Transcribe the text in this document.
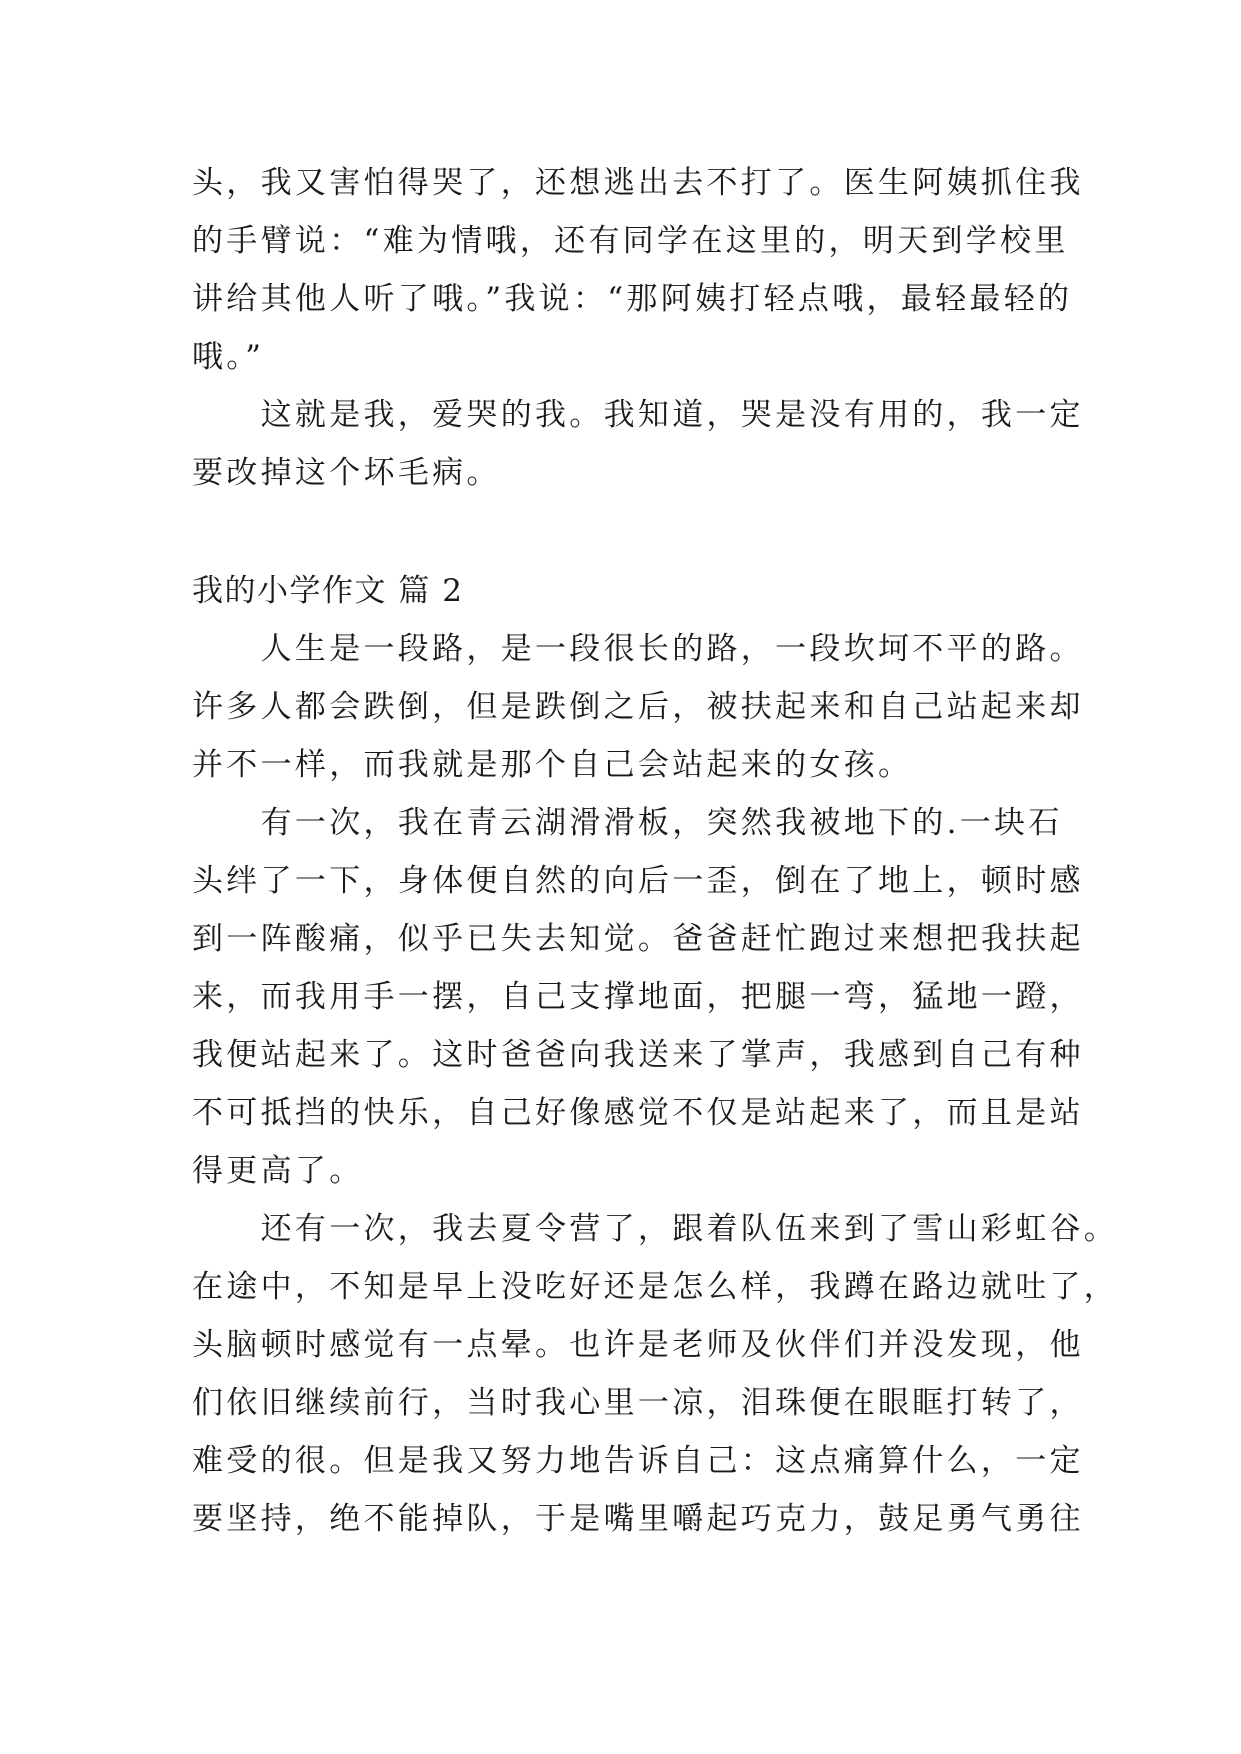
头，我又害怕得哭了，还想逃出去不打了。医生阿姨抓住我
的手臂说：“难为情哦，还有同学在这里的，明天到学校里
讲给其他人听了哦。”我说：“那阿姨打轻点哦，最轻最轻的
哦。”
　　这就是我，爱哭的我。我知道，哭是没有用的，我一定
要改掉这个坏毛病。
我的小学作文 篇 2
　　人生是一段路，是一段很长的路，一段坎坷不平的路。
许多人都会跌倒，但是跌倒之后，被扶起来和自己站起来却
并不一样，而我就是那个自己会站起来的女孩。
　　有一次，我在青云湖滑滑板，突然我被地下的.一块石
头绊了一下，身体便自然的向后一歪，倒在了地上，顿时感
到一阵酸痛，似乎已失去知觉。爸爸赶忙跑过来想把我扶起
来，而我用手一摆，自己支撑地面，把腿一弯，猛地一蹬，
我便站起来了。这时爸爸向我送来了掌声，我感到自己有种
不可抵挡的快乐，自己好像感觉不仅是站起来了，而且是站
得更高了。
　　还有一次，我去夏令营了，跟着队伍来到了雪山彩虹谷。
在途中，不知是早上没吃好还是怎么样，我蹲在路边就吐了，
头脑顿时感觉有一点晕。也许是老师及伙伴们并没发现，他
们依旧继续前行，当时我心里一凉，泪珠便在眼眶打转了，
难受的很。但是我又努力地告诉自己：这点痛算什么，一定
要坚持，绝不能掉队，于是嘴里嚼起巧克力，鼓足勇气勇往
